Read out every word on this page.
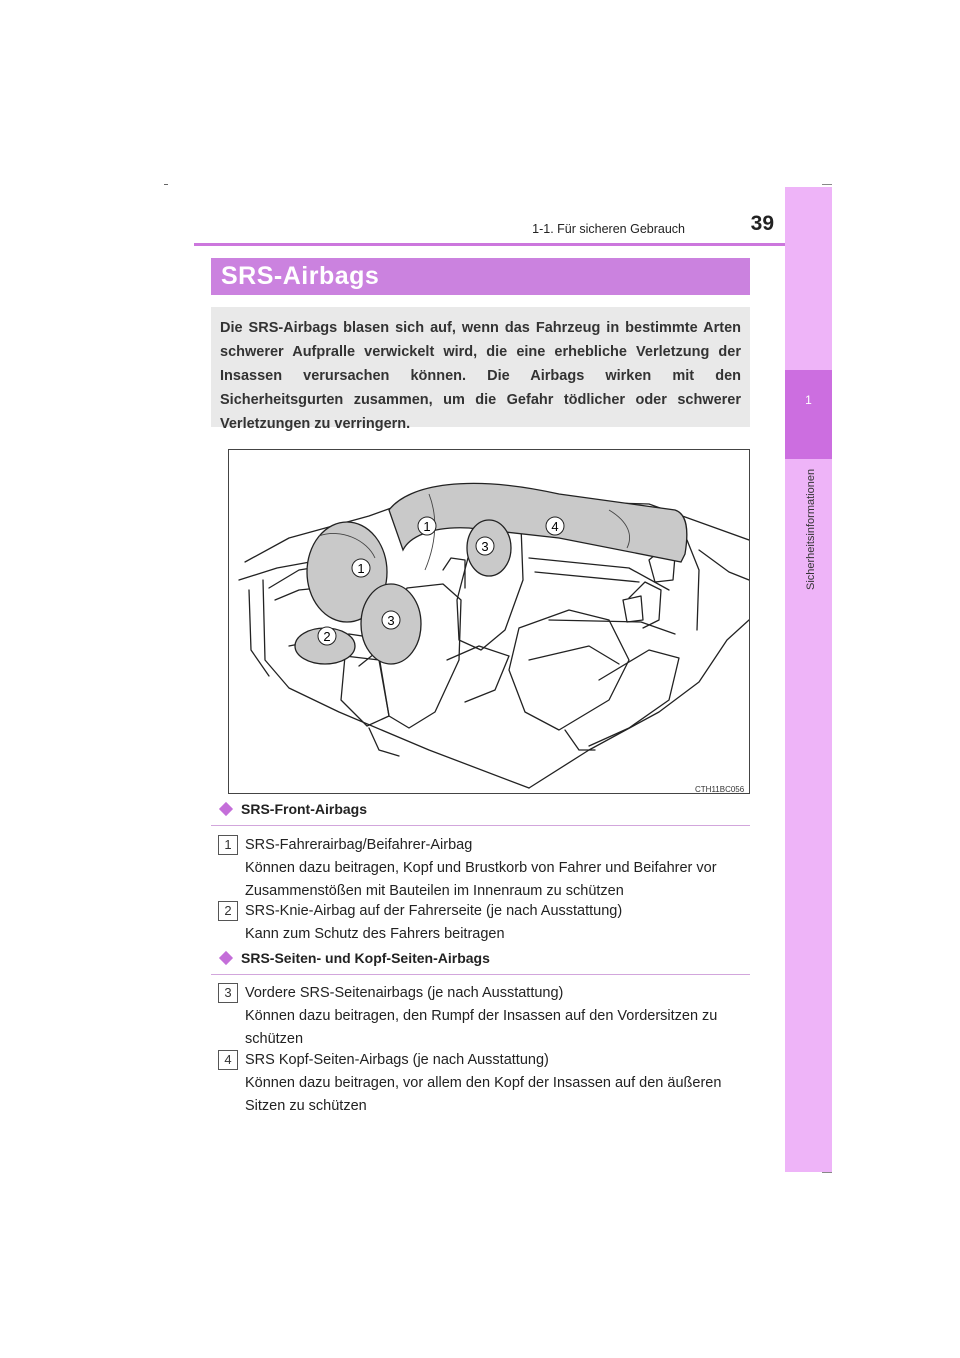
1-1. Für sicheren Gebrauch	39
1
Sicherheitsinformationen
SRS-Airbags

Die SRS-Airbags blasen sich auf, wenn das Fahrzeug in bestimmte Arten schwerer Aufpralle verwickelt wird, die eine erhebliche Verletzung der Insassen verursachen können. Die Airbags wirken mit den Sicherheitsgurten zusammen, um die Gefahr tödlicher oder schwerer Verletzungen zu verringern.

1	4
3
1
3
2
CTH11BC056
SRS-Front-Airbags
1 SRS-Fahrerairbag/Beifahrer-Airbag
Können dazu beitragen, Kopf und Brustkorb von Fahrer und Beifahrer vor Zusammenstößen mit Bauteilen im Innenraum zu schützen
2 SRS-Knie-Airbag auf der Fahrerseite (je nach Ausstattung)
Kann zum Schutz des Fahrers beitragen
SRS-Seiten- und Kopf-Seiten-Airbags
3 Vordere SRS-Seitenairbags (je nach Ausstattung)
Können dazu beitragen, den Rumpf der Insassen auf den Vordersitzen zu schützen
4 SRS Kopf-Seiten-Airbags (je nach Ausstattung)
Können dazu beitragen, vor allem den Kopf der Insassen auf den äußeren Sitzen zu schützen
